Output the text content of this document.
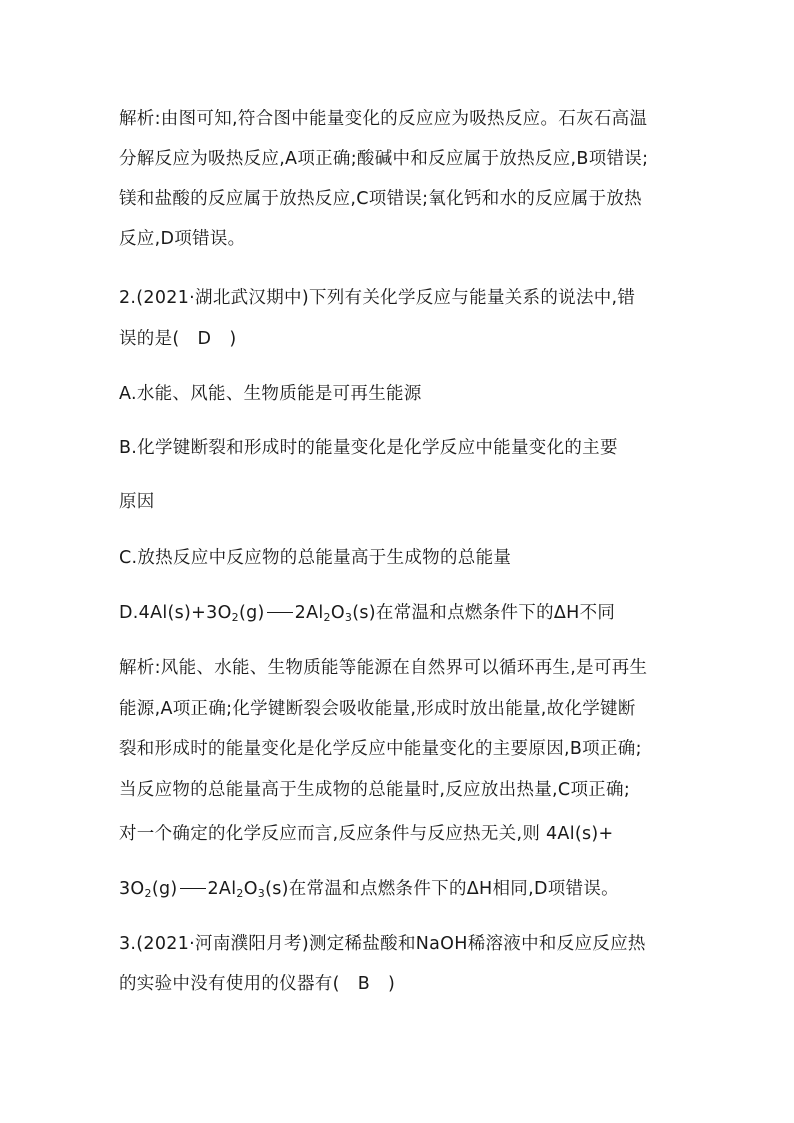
解析:由图可知,符合图中能量变化的反应应为吸热反应。石灰石高温
分解反应为吸热反应,A项正确;酸碱中和反应属于放热反应,B项错误;
镁和盐酸的反应属于放热反应,C项错误;氧化钙和水的反应属于放热
反应,D项错误。
2.(2021·湖北武汉期中)下列有关化学反应与能量关系的说法中,错
误的是( D )
A.水能、风能、生物质能是可再生能源
B.化学键断裂和形成时的能量变化是化学反应中能量变化的主要
原因
C.放热反应中反应物的总能量高于生成物的总能量
$D.4Al(s)+3O_2(g)$ $2Al_2O_3(s)$在常温和点燃条件下的ΔH不同
解析:风能、水能、生物质能等能源在自然界可以循环再生,是可再生
能源,A项正确;化学键断裂会吸收能量,形成时放出能量,故化学键断
裂和形成时的能量变化是化学反应中能量变化的主要原因,B项正确;
当反应物的总能量高于生成物的总能量时,反应放出热量,C项正确;
对一个确定的化学反应而言,反应条件与反应热无关,则 4Al(s)+
$3O_2(g)$ $2Al_2O_3(s)$在常温和点燃条件下的ΔH相同,D项错误。
3.(2021·河南濮阳月考)测定稀盐酸和NaOH稀溶液中和反应反应热
的实验中没有使用的仪器有( B )
